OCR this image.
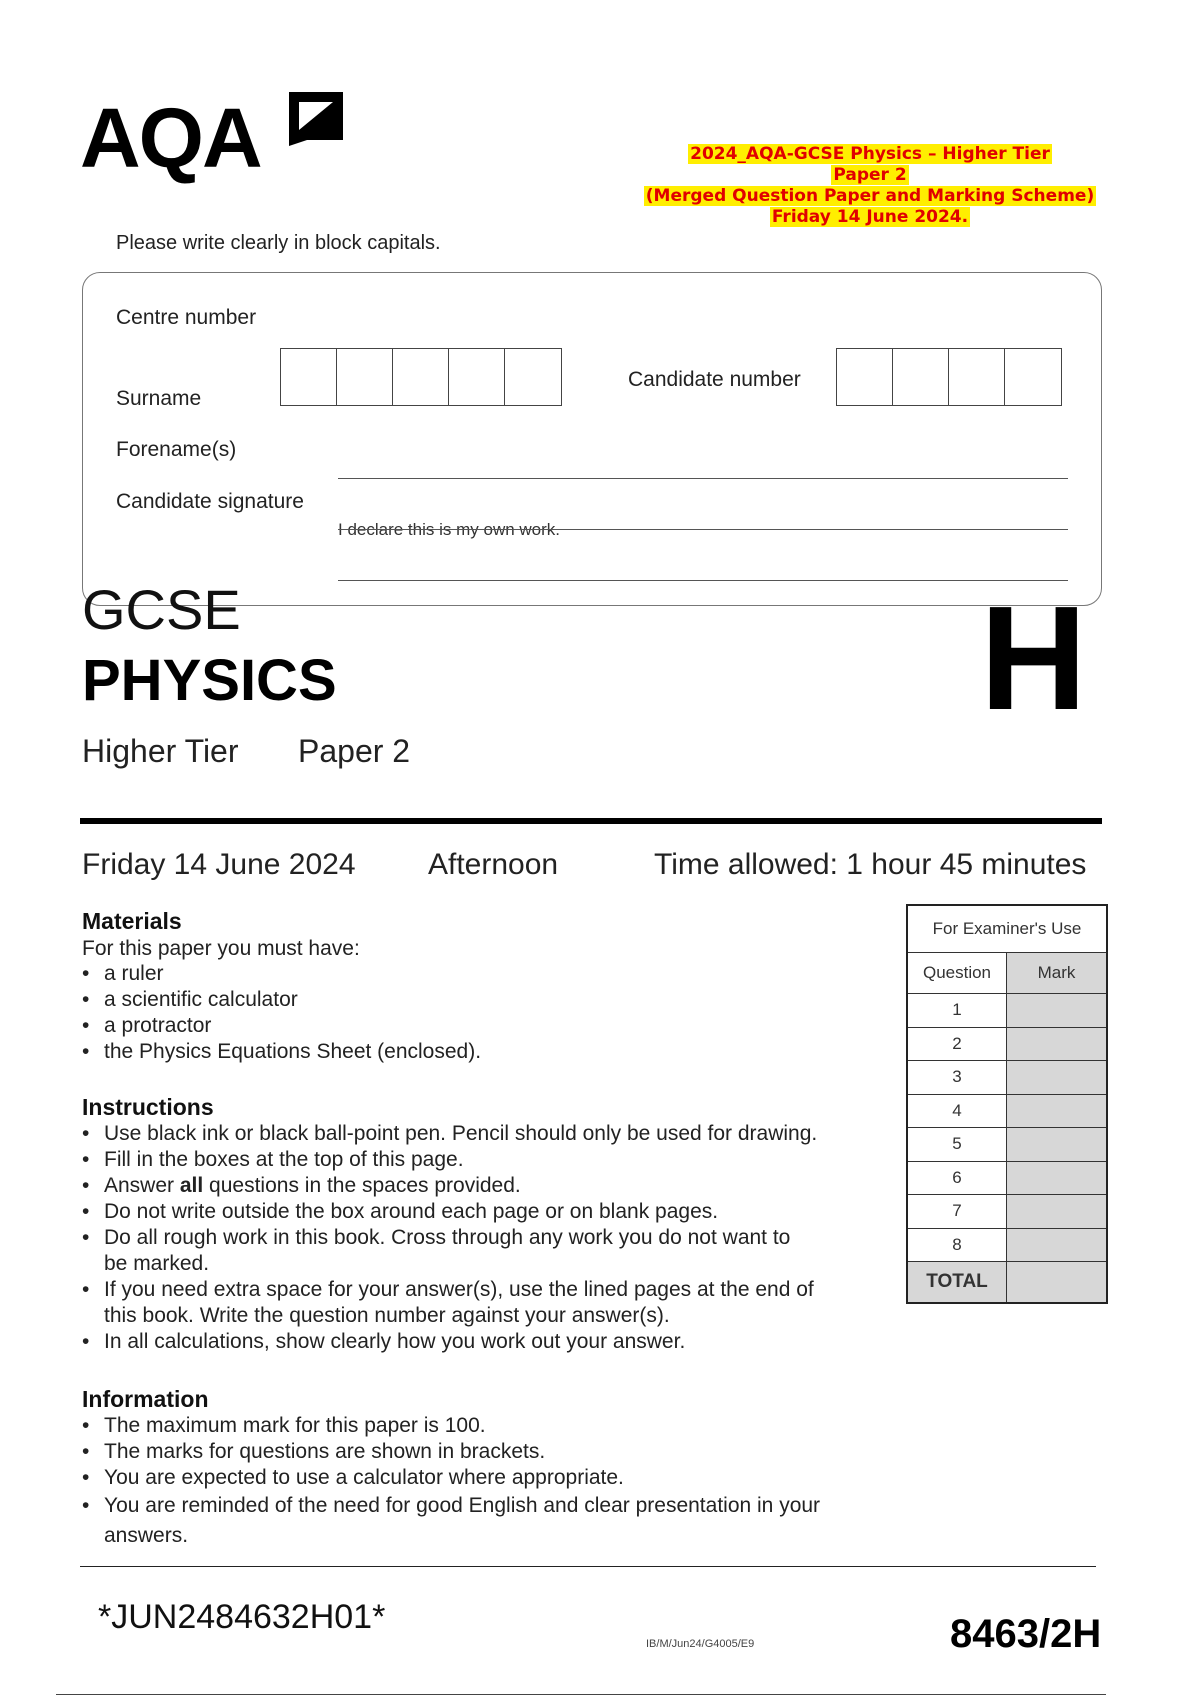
AQA	2024_AQA-GCSE Physics – Higher Tier
Paper 2
(Merged Question Paper and Marking Scheme)
Friday 14 June 2024.
Please write clearly in block capitals.
Centre number
Candidate number
Surname
Forename(s)
Candidate signature
I declare this is my own work.
GCSE
PHYSICS	H
Higher Tier Paper 2
Friday 14 June 2024 Afternoon	Time allowed: 1 hour 45 minutes
Materials
For this paper you must have:
• a ruler
• a scientific calculator
• a protractor
• the Physics Equations Sheet (enclosed).
Instructions
• Use black ink or black ball-point pen. Pencil should only be used for drawing.
• Fill in the boxes at the top of this page.
• Answer all questions in the spaces provided.
• Do not write outside the box around each page or on blank pages.
• Do all rough work in this book. Cross through any work you do not want to be marked.
• If you need extra space for your answer(s), use the lined pages at the end of this book. Write the question number against your answer(s).
• In all calculations, show clearly how you work out your answer.
Information
• The maximum mark for this paper is 100.
• The marks for questions are shown in brackets.
• You are expected to use a calculator where appropriate.
• You are reminded of the need for good English and clear presentation in your answers.
For Examiner's Use	
Question	Mark
1	
2	
3	
4	
5	
6	
7	
8	
TOTAL	
*JUN2484632H01*
IB/M/Jun24/G4005/E9	8463/2H
